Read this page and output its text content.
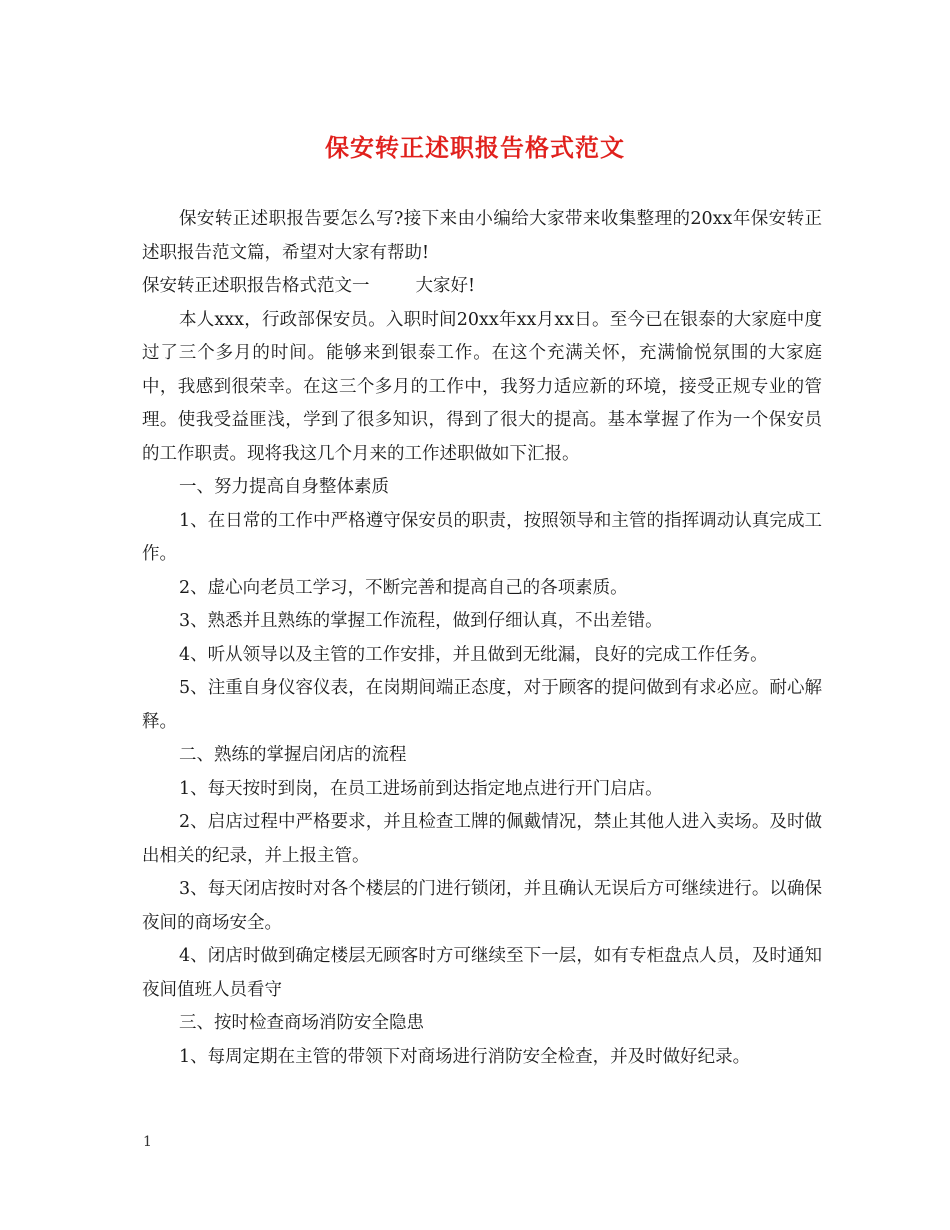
保安转正述职报告格式范文

保安转正述职报告要怎么写?接下来由小编给大家带来收集整理的20xx年保安转正述职报告范文篇，希望对大家有帮助!

保安转正述职报告格式范文一	大家好!

本人xxx，行政部保安员。入职时间20xx年xx月xx日。至今已在银泰的大家庭中度过了三个多月的时间。能够来到银泰工作。在这个充满关怀，充满愉悦氛围的大家庭中，我感到很荣幸。在这三个多月的工作中，我努力适应新的环境，接受正规专业的管理。使我受益匪浅，学到了很多知识，得到了很大的提高。基本掌握了作为一个保安员的工作职责。现将我这几个月来的工作述职做如下汇报。

一、努力提高自身整体素质

1、在日常的工作中严格遵守保安员的职责，按照领导和主管的指挥调动认真完成工作。

2、虚心向老员工学习，不断完善和提高自己的各项素质。

3、熟悉并且熟练的掌握工作流程，做到仔细认真，不出差错。

4、听从领导以及主管的工作安排，并且做到无纰漏，良好的完成工作任务。

5、注重自身仪容仪表，在岗期间端正态度，对于顾客的提问做到有求必应。耐心解释。

二、熟练的掌握启闭店的流程

1、每天按时到岗，在员工进场前到达指定地点进行开门启店。

2、启店过程中严格要求，并且检查工牌的佩戴情况，禁止其他人进入卖场。及时做出相关的纪录，并上报主管。

3、每天闭店按时对各个楼层的门进行锁闭，并且确认无误后方可继续进行。以确保夜间的商场安全。

4、闭店时做到确定楼层无顾客时方可继续至下一层，如有专柜盘点人员，及时通知夜间值班人员看守

三、按时检查商场消防安全隐患

1、每周定期在主管的带领下对商场进行消防安全检查，并及时做好纪录。

1
